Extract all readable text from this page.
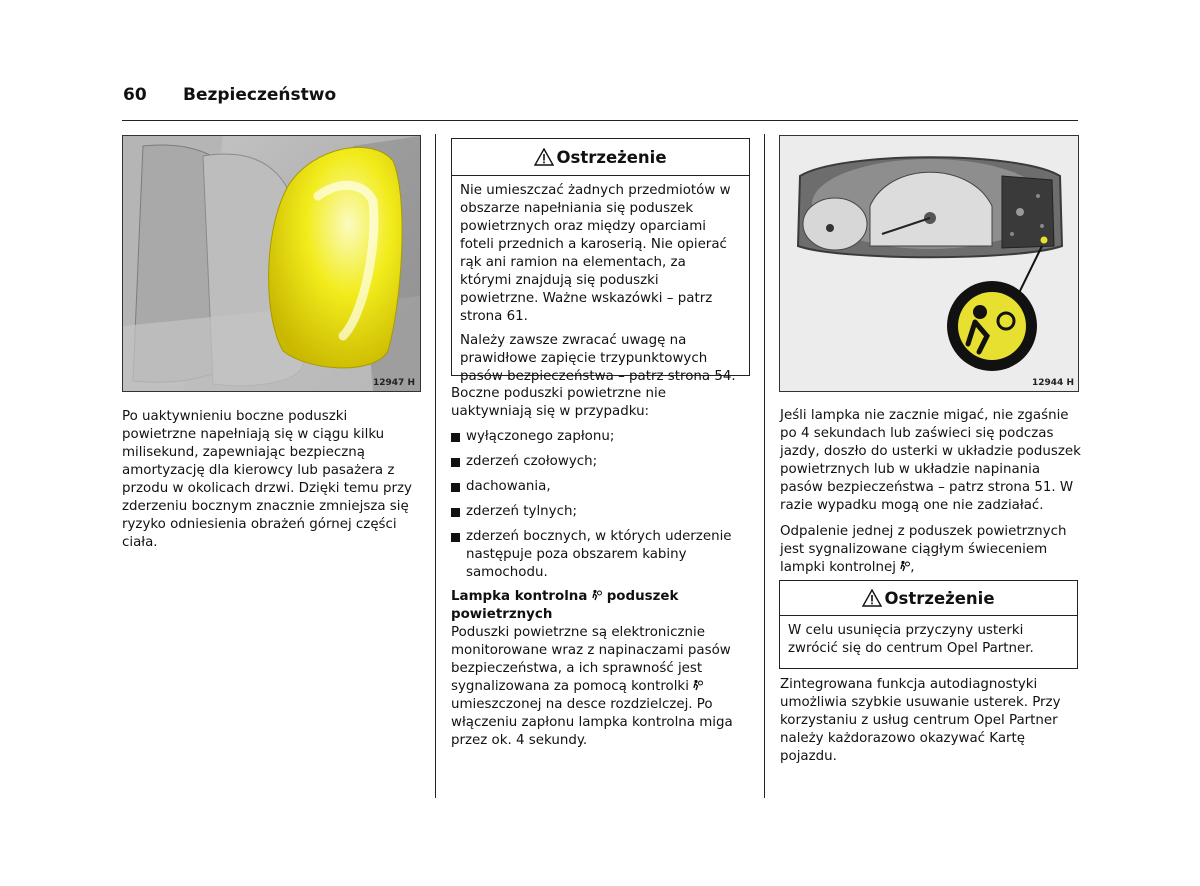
60 Bezpieczeństwo
12947 H

Po uaktywnieniu boczne poduszki powietrzne napełniają się w ciągu kilku milisekund, zapewniając bezpieczną amortyzację dla kierowcy lub pasażera z przodu w okolicach drzwi. Dzięki temu przy zderzeniu bocznym znacznie zmniejsza się ryzyko odniesienia obrażeń górnej części ciała.

Ostrzeżenie

Nie umieszczać żadnych przedmiotów w obszarze napełniania się poduszek powietrznych oraz między oparciami foteli przednich a karoserią. Nie opierać rąk ani ramion na elementach, za którymi znajdują się poduszki powietrzne. Ważne wskazówki – patrz strona 61.

Należy zawsze zwracać uwagę na prawidłowe zapięcie trzypunktowych pasów bezpieczeństwa – patrz strona 54.

Boczne poduszki powietrzne nie uaktywniają się w przypadku:

wyłączonego zapłonu;
zderzeń czołowych;
dachowania,
zderzeń tylnych;
zderzeń bocznych, w których uderzenie następuje poza obszarem kabiny samochodu.
Lampka kontrolna poduszek powietrznych

Poduszki powietrzne są elektronicznie monitorowane wraz z napinaczami pasów bezpieczeństwa, a ich sprawność jest sygnalizowana za pomocą kontrolki  umieszczonej na desce rozdzielczej. Po włączeniu zapłonu lampka kontrolna miga przez ok. 4 sekundy.

12944 H

Jeśli lampka nie zacznie migać, nie zgaśnie po 4 sekundach lub zaświeci się podczas jazdy, doszło do usterki w układzie poduszek powietrznych lub w układzie napinania pasów bezpieczeństwa – patrz strona 51. W razie wypadku mogą one nie zadziałać.

Odpalenie jednej z poduszek powietrznych jest sygnalizowane ciągłym świeceniem lampki kontrolnej ,

Ostrzeżenie

W celu usunięcia przyczyny usterki zwrócić się do centrum Opel Partner.

Zintegrowana funkcja autodiagnostyki umożliwia szybkie usuwanie usterek. Przy korzystaniu z usług centrum Opel Partner należy każdorazowo okazywać Kartę pojazdu.
